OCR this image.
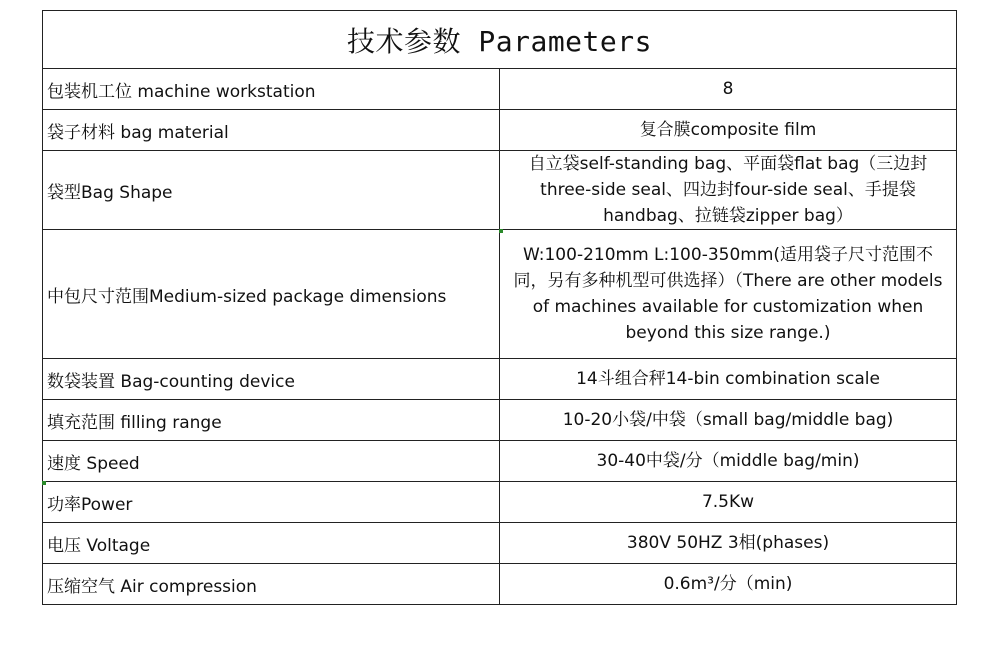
技术参数 Parameters	
包装机工位 machine workstation	8
袋子材料 bag material	复合膜composite film
袋型Bag Shape	自立袋self-standing bag、平面袋flat bag（三边封three-side seal、四边封four-side seal、手提袋handbag、拉链袋zipper bag）
中包尺寸范围Medium-sized package dimensions	W:100-210mm L:100-350mm(适用袋子尺寸范围不同，另有多种机型可供选择）（There are other models of machines available for customization when beyond this size range.)
数袋装置 Bag-counting device	14斗组合秤14-bin combination scale
填充范围 filling range	10-20小袋/中袋（small bag/middle bag)
速度 Speed	30-40中袋/分（middle bag/min)
功率Power	7.5Kw
电压 Voltage	380V 50HZ 3相(phases)
压缩空气 Air compression	0.6m³/分（min)
